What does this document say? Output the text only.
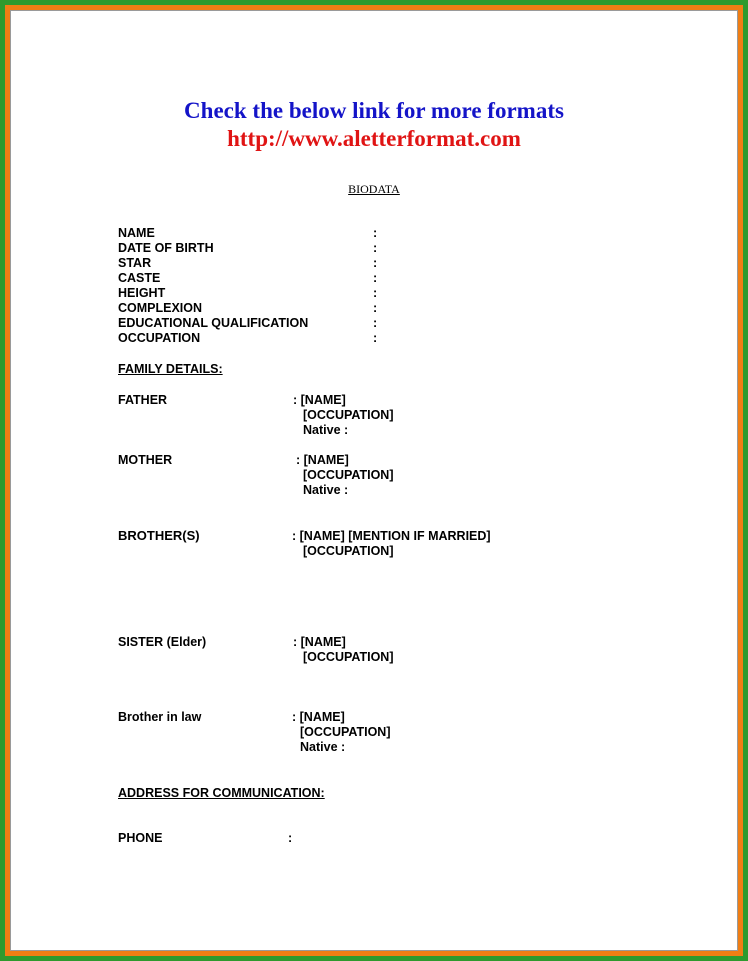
Check the below link for more formats
http://www.aletterformat.com
BIODATA
NAME	:
DATE OF BIRTH	:
STAR	:
CASTE	:
HEIGHT	:
COMPLEXION	:
EDUCATIONAL QUALIFICATION	:
OCCUPATION	:
FAMILY DETAILS:
FATHER	: [NAME]
[OCCUPATION]
Native :
MOTHER	: [NAME]
[OCCUPATION]
Native :
BROTHER(S)	: [NAME] [MENTION IF MARRIED]
[OCCUPATION]
SISTER (Elder)	: [NAME]
[OCCUPATION]
Brother in law	: [NAME]
[OCCUPATION]
Native :
ADDRESS FOR COMMUNICATION:
PHONE	:
